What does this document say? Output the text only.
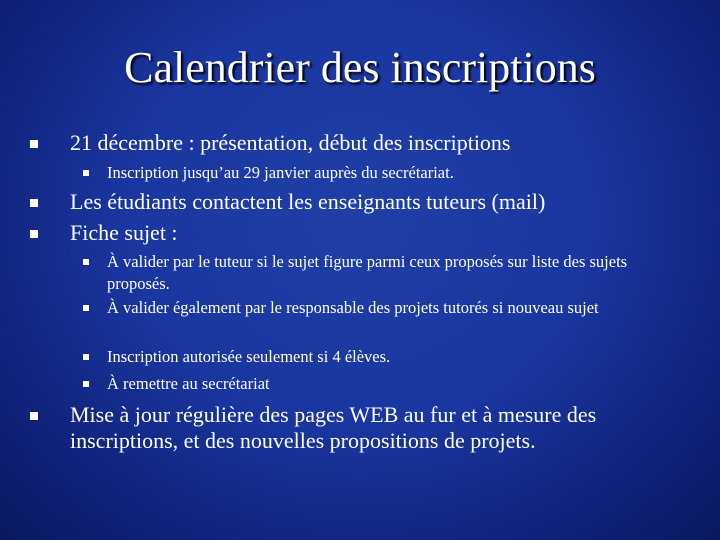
Calendrier des inscriptions
21 décembre : présentation, début des inscriptions
Inscription jusqu’au 29 janvier auprès du secrétariat.
Les étudiants contactent les enseignants tuteurs (mail)
Fiche sujet :
À valider par le tuteur si le sujet figure parmi ceux proposés sur liste des sujets proposés.
À valider également par le responsable des projets tutorés si nouveau sujet
Inscription autorisée seulement si 4 élèves.
À remettre au secrétariat
Mise à jour régulière des pages WEB au fur et à mesure des inscriptions, et des nouvelles propositions de projets.
